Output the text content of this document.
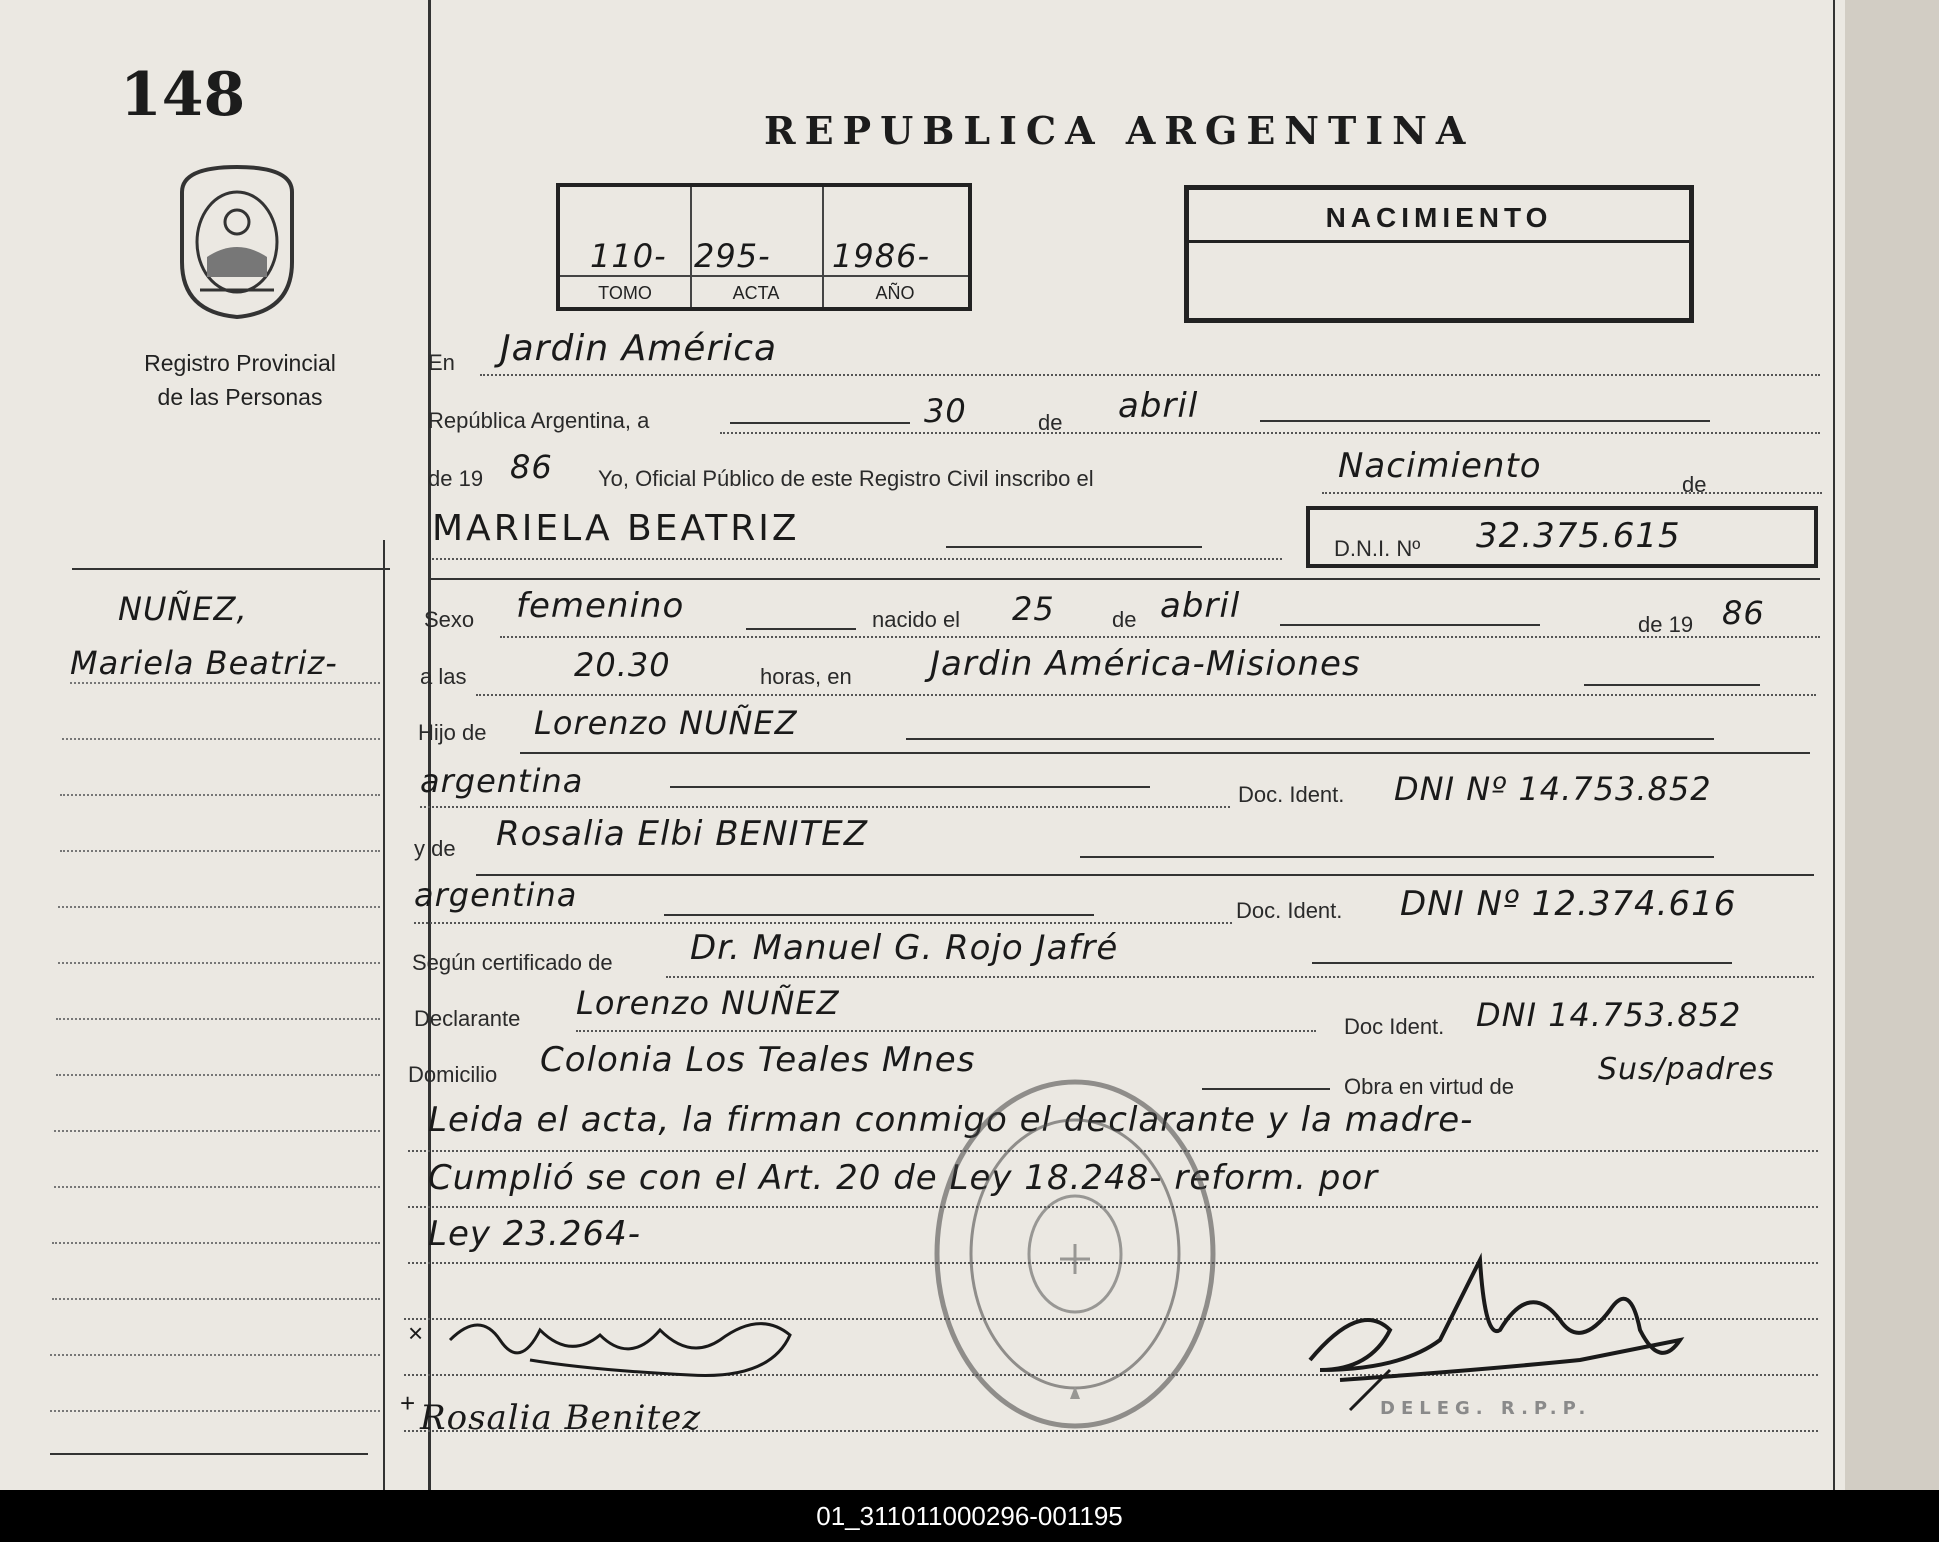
148
Registro Provincial
de las Personas
NUÑEZ,
Mariela Beatriz-
REPUBLICA ARGENTINA
110- 295- 1986-
TOMO	ACTA	AÑO
NACIMIENTO
En Jardin América
República Argentina, a	30	de abril
de 19 86 Yo, Oficial Público de este Registro Civil inscribo el	Nacimiento	de
MARIELA BEATRIZ	D.N.I. Nº 32.375.615
Sexo femenino	nacido el 25	de abril	de 19 86
a las	20.30	horas, en Jardin América-Misiones
Hijo de Lorenzo NUÑEZ
argentina	Doc. Ident. DNI Nº 14.753.852
y de Rosalia Elbi BENITEZ
argentina	Doc. Ident. DNI Nº 12.374.616
Según certificado de Dr. Manuel G. Rojo Jafré
Declarante Lorenzo NUÑEZ
Doc Ident. DNI 14.753.852
Domicilio Colonia Los Teales Mnes
Obra en virtud de	Sus/padres
Leida el acta, la firman conmigo el declarante y la madre-
Cumplió se con el Art. 20 de Ley 18.248- reform. por
Ley 23.264-
×
+ Rosalia Benitez	DELEG. R.P.P.
01_311011000296-001195
